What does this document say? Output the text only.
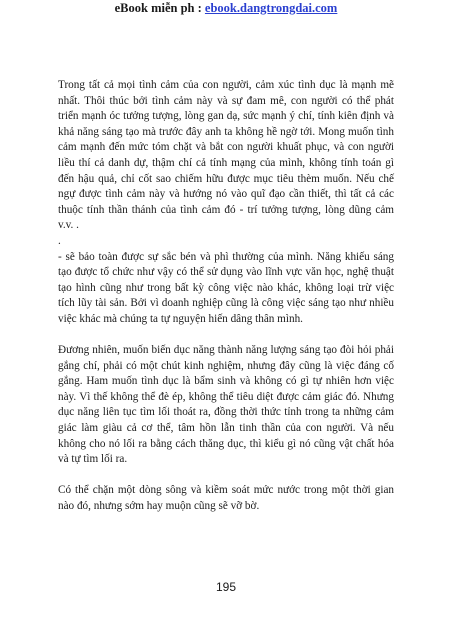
eBook miễn ph : ebook.dangtrongdai.com

Trong tất cả mọi tình cảm của con người, cảm xúc tình dục là mạnh mẽ nhất. Thôi thúc bởi tình cảm này và sự đam mê, con người có thể phát triển mạnh óc tưởng tượng, lòng gan dạ, sức mạnh ý chí, tính kiên định và khả năng sáng tạo mà trước đây anh ta không hề ngờ tới. Mong muốn tình cảm mạnh đến mức tóm chặt và bắt con người khuất phục, và con người liều thí cả danh dự, thậm chí cả tính mạng của mình, không tính toán gì đến hậu quả, chỉ cốt sao chiếm hữu được mục tiêu thèm muốn. Nếu chế ngự được tình cảm này và hướng nó vào quĩ đạo cần thiết, thì tất cả các thuộc tính thần thánh của tình cảm đó - trí tưởng tượng, lòng dũng cảm v.v. .

.

- sẽ bảo toàn được sự sắc bén và phì thường của mình. Năng khiếu sáng tạo được tổ chức như vậy có thể sử dụng vào lĩnh vực văn học, nghệ thuật tạo hình cũng như trong bất kỳ công việc nào khác, không loại trừ việc tích lũy tài sản. Bởi vì doanh nghiệp cũng là công việc sáng tạo như nhiều việc khác mà chúng ta tự nguyện hiến dâng thân mình.

Đương nhiên, muốn biến dục năng thành năng lượng sáng tạo đòi hỏi phải gắng chí, phải có một chút kinh nghiệm, nhưng đây cũng là việc đáng cố gắng. Ham muốn tình dục là bẩm sinh và không có gì tự nhiên hơn việc này. Vì thế không thể đè ép, không thể tiêu diệt được cảm giác đó. Nhưng dục năng liên tục tìm lối thoát ra, đồng thời thức tỉnh trong ta những cảm giác làm giàu cả cơ thể, tâm hồn lẫn tinh thần của con người. Và nếu không cho nó lối ra bằng cách thăng dục, thì kiểu gì nó cũng vật chất hóa và tự tìm lối ra.

Có thể chặn một dòng sông và kiềm soát mức nước trong một thời gian nào đó, nhưng sớm hay muộn cũng sẽ vỡ bờ.

195
